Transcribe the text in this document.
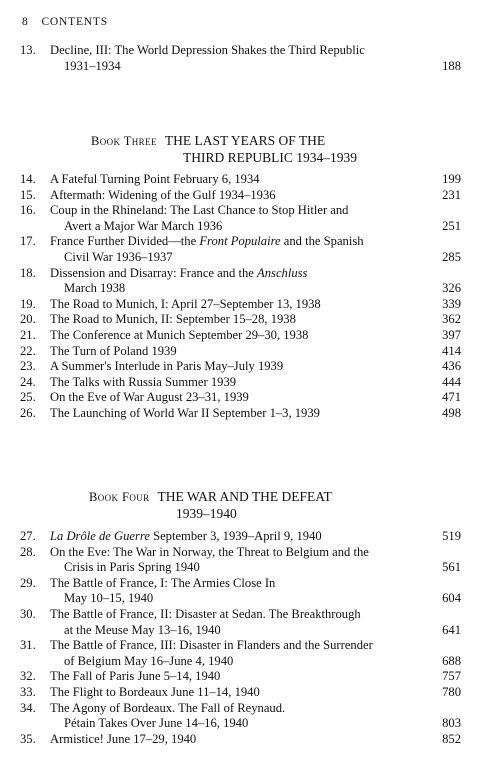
8 CONTENTS
13.	Decline, III: The World Depression Shakes the Third Republic
1931–1934	188
Book Three THE LAST YEARS OF THE
THIRD REPUBLIC 1934–1939
14.	A Fateful Turning Point February 6, 1934	199
15.	Aftermath: Widening of the Gulf 1934–1936	231
16.	Coup in the Rhineland: The Last Chance to Stop Hitler and
Avert a Major War March 1936	251
17.	France Further Divided—the Front Populaire and the Spanish
Civil War 1936–1937	285
18.	Dissension and Disarray: France and the Anschluss
March 1938	326
19.	The Road to Munich, I: April 27–September 13, 1938	339
20.	The Road to Munich, II: September 15–28, 1938	362
21.	The Conference at Munich September 29–30, 1938	397
22.	The Turn of Poland 1939	414
23.	A Summer's Interlude in Paris May–July 1939	436
24.	The Talks with Russia Summer 1939	444
25.	On the Eve of War August 23–31, 1939	471
26.	The Launching of World War II September 1–3, 1939	498
Book Four THE WAR AND THE DEFEAT
1939–1940
27.	La Drôle de Guerre September 3, 1939–April 9, 1940	519
28.	On the Eve: The War in Norway, the Threat to Belgium and the
Crisis in Paris Spring 1940	561
29.	The Battle of France, I: The Armies Close In
May 10–15, 1940	604
30.	The Battle of France, II: Disaster at Sedan. The Breakthrough
at the Meuse May 13–16, 1940	641
31.	The Battle of France, III: Disaster in Flanders and the Surrender
of Belgium May 16–June 4, 1940	688
32.	The Fall of Paris June 5–14, 1940	757
33.	The Flight to Bordeaux June 11–14, 1940	780
34.	The Agony of Bordeaux. The Fall of Reynaud.
Pétain Takes Over June 14–16, 1940	803
35.	Armistice! June 17–29, 1940	852
